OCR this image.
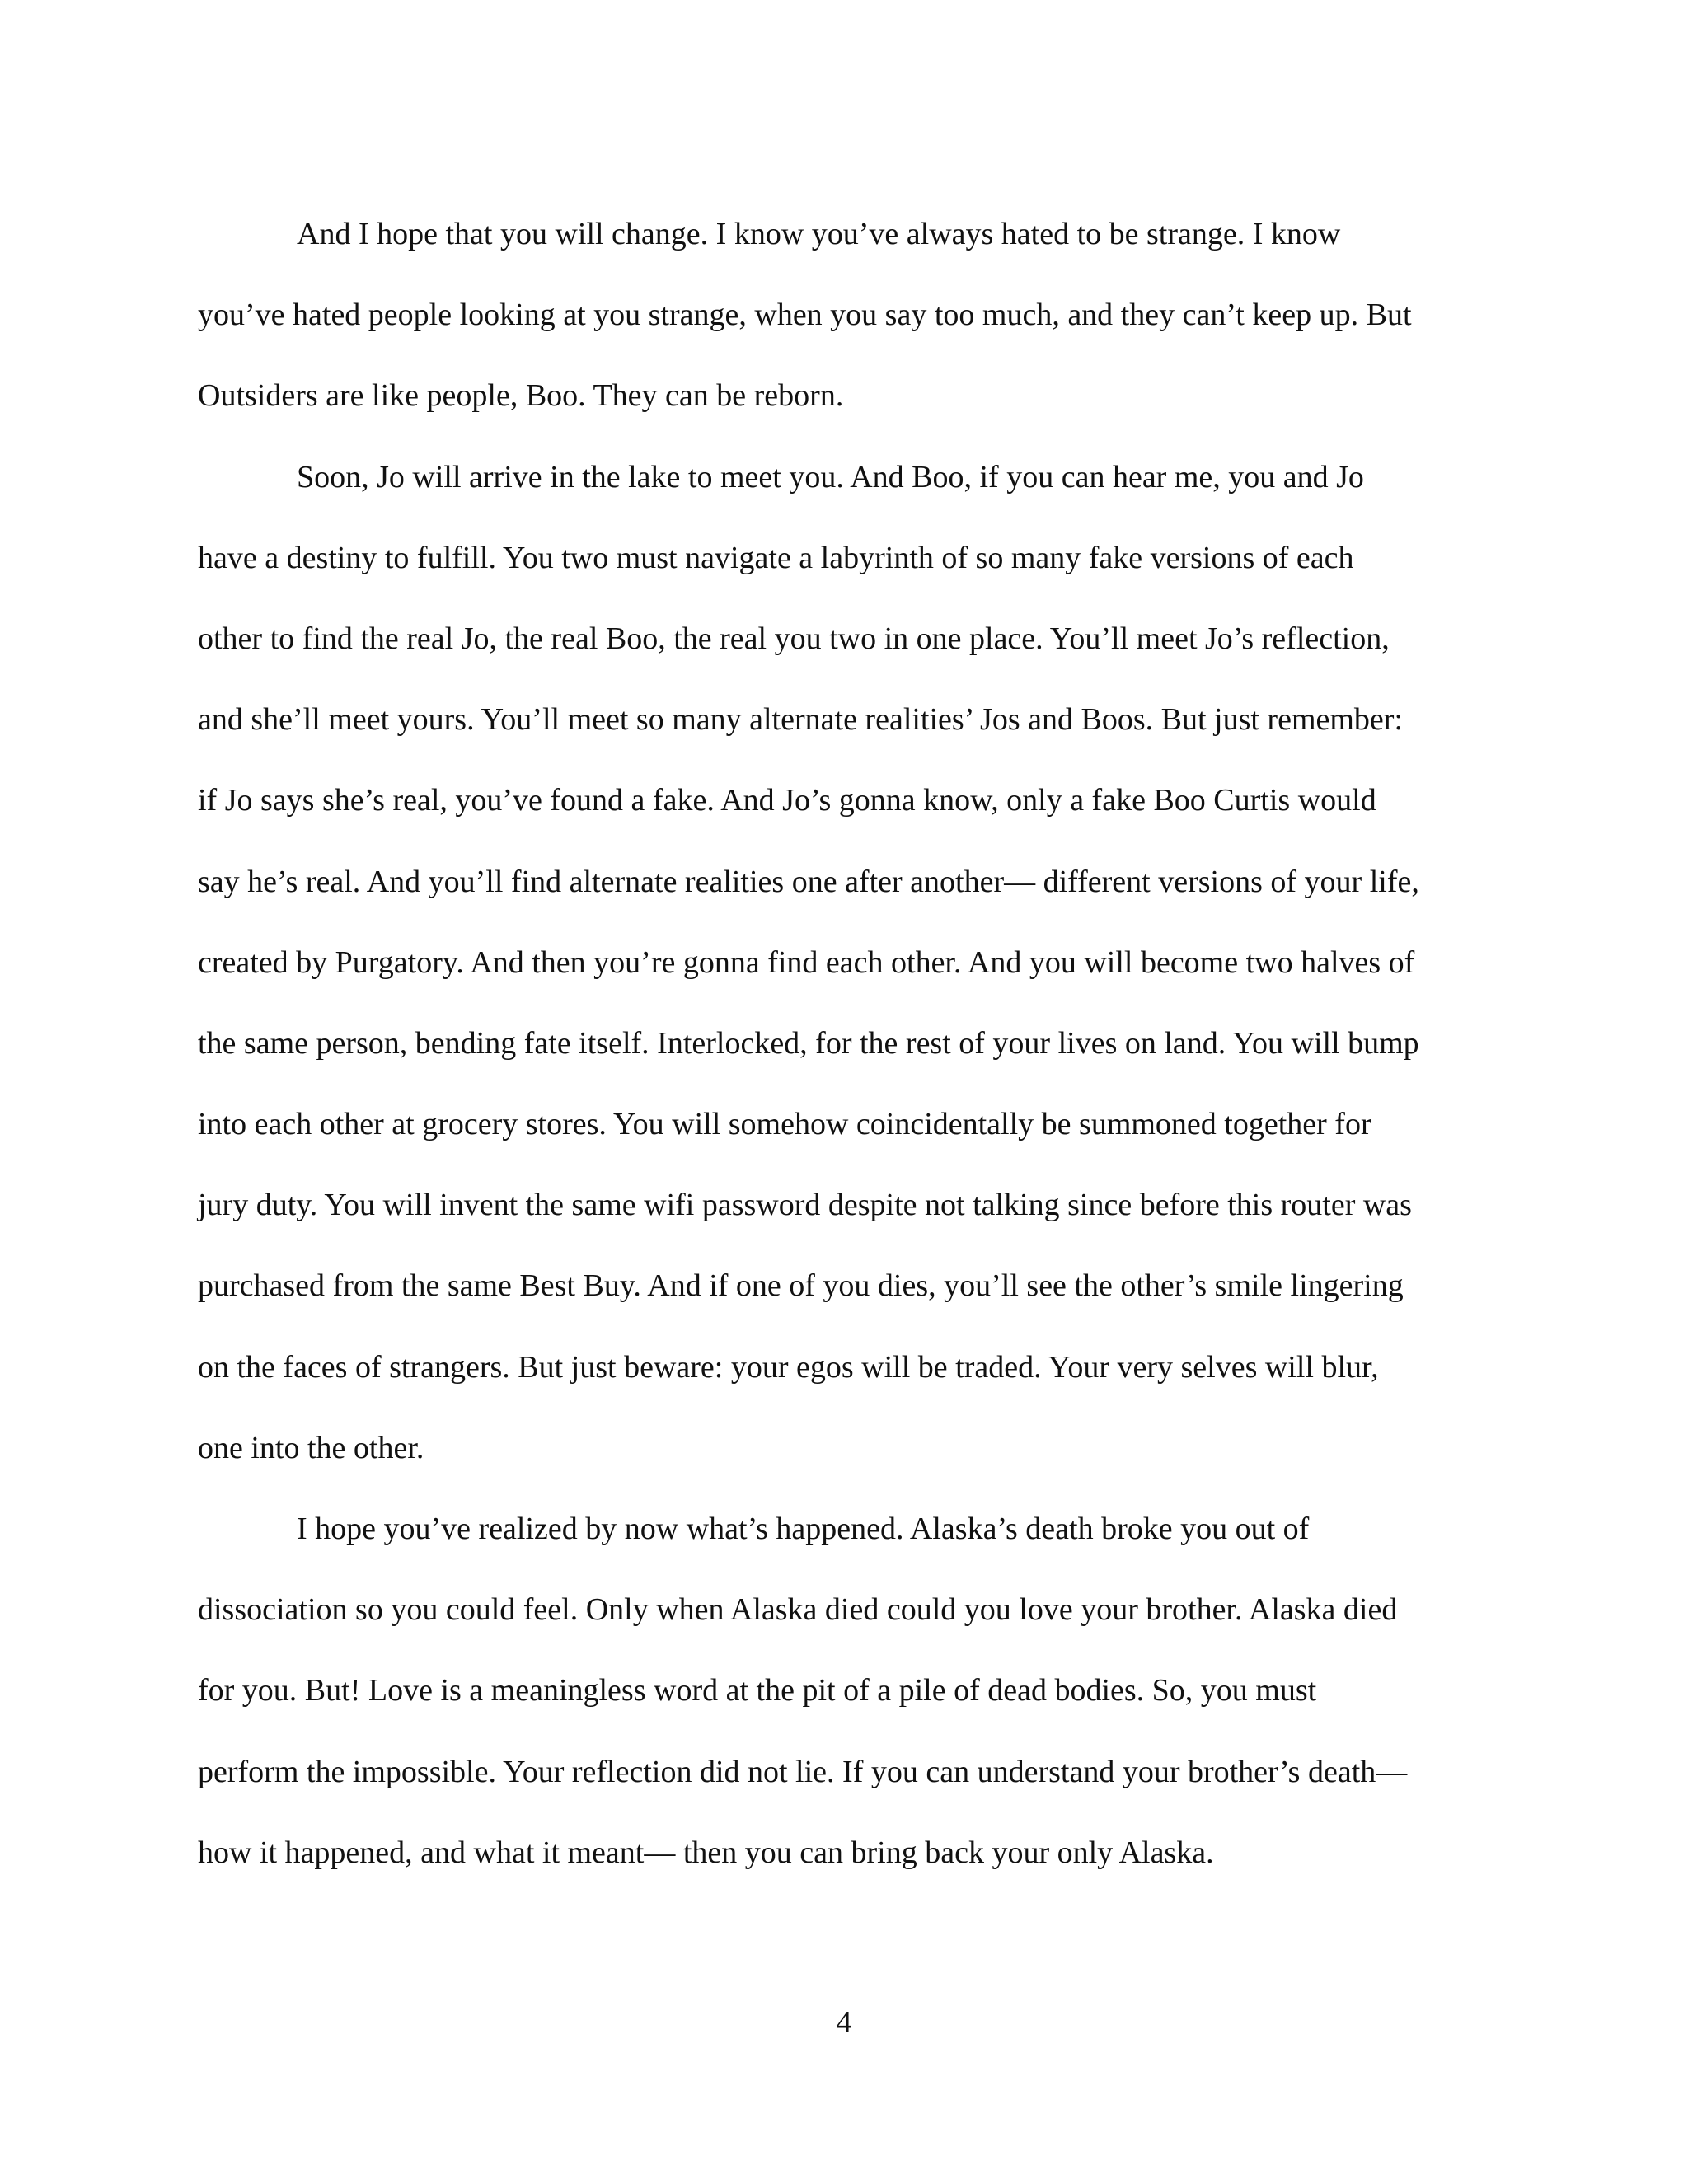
And I hope that you will change. I know you’ve always hated to be strange. I know
you’ve hated people looking at you strange, when you say too much, and they can’t keep up. But
Outsiders are like people, Boo. They can be reborn.
Soon, Jo will arrive in the lake to meet you. And Boo, if you can hear me, you and Jo
have a destiny to fulfill. You two must navigate a labyrinth of so many fake versions of each
other to find the real Jo, the real Boo, the real you two in one place. You’ll meet Jo’s reflection,
and she’ll meet yours. You’ll meet so many alternate realities’ Jos and Boos. But just remember:
if Jo says she’s real, you’ve found a fake. And Jo’s gonna know, only a fake Boo Curtis would
say he’s real. And you’ll find alternate realities one after another— different versions of your life,
created by Purgatory. And then you’re gonna find each other. And you will become two halves of
the same person, bending fate itself. Interlocked, for the rest of your lives on land. You will bump
into each other at grocery stores. You will somehow coincidentally be summoned together for
jury duty. You will invent the same wifi password despite not talking since before this router was
purchased from the same Best Buy. And if one of you dies, you’ll see the other’s smile lingering
on the faces of strangers. But just beware: your egos will be traded. Your very selves will blur,
one into the other.
I hope you’ve realized by now what’s happened. Alaska’s death broke you out of
dissociation so you could feel. Only when Alaska died could you love your brother. Alaska died
for you. But! Love is a meaningless word at the pit of a pile of dead bodies. So, you must
perform the impossible. Your reflection did not lie. If you can understand your brother’s death—
how it happened, and what it meant— then you can bring back your only Alaska.
4
